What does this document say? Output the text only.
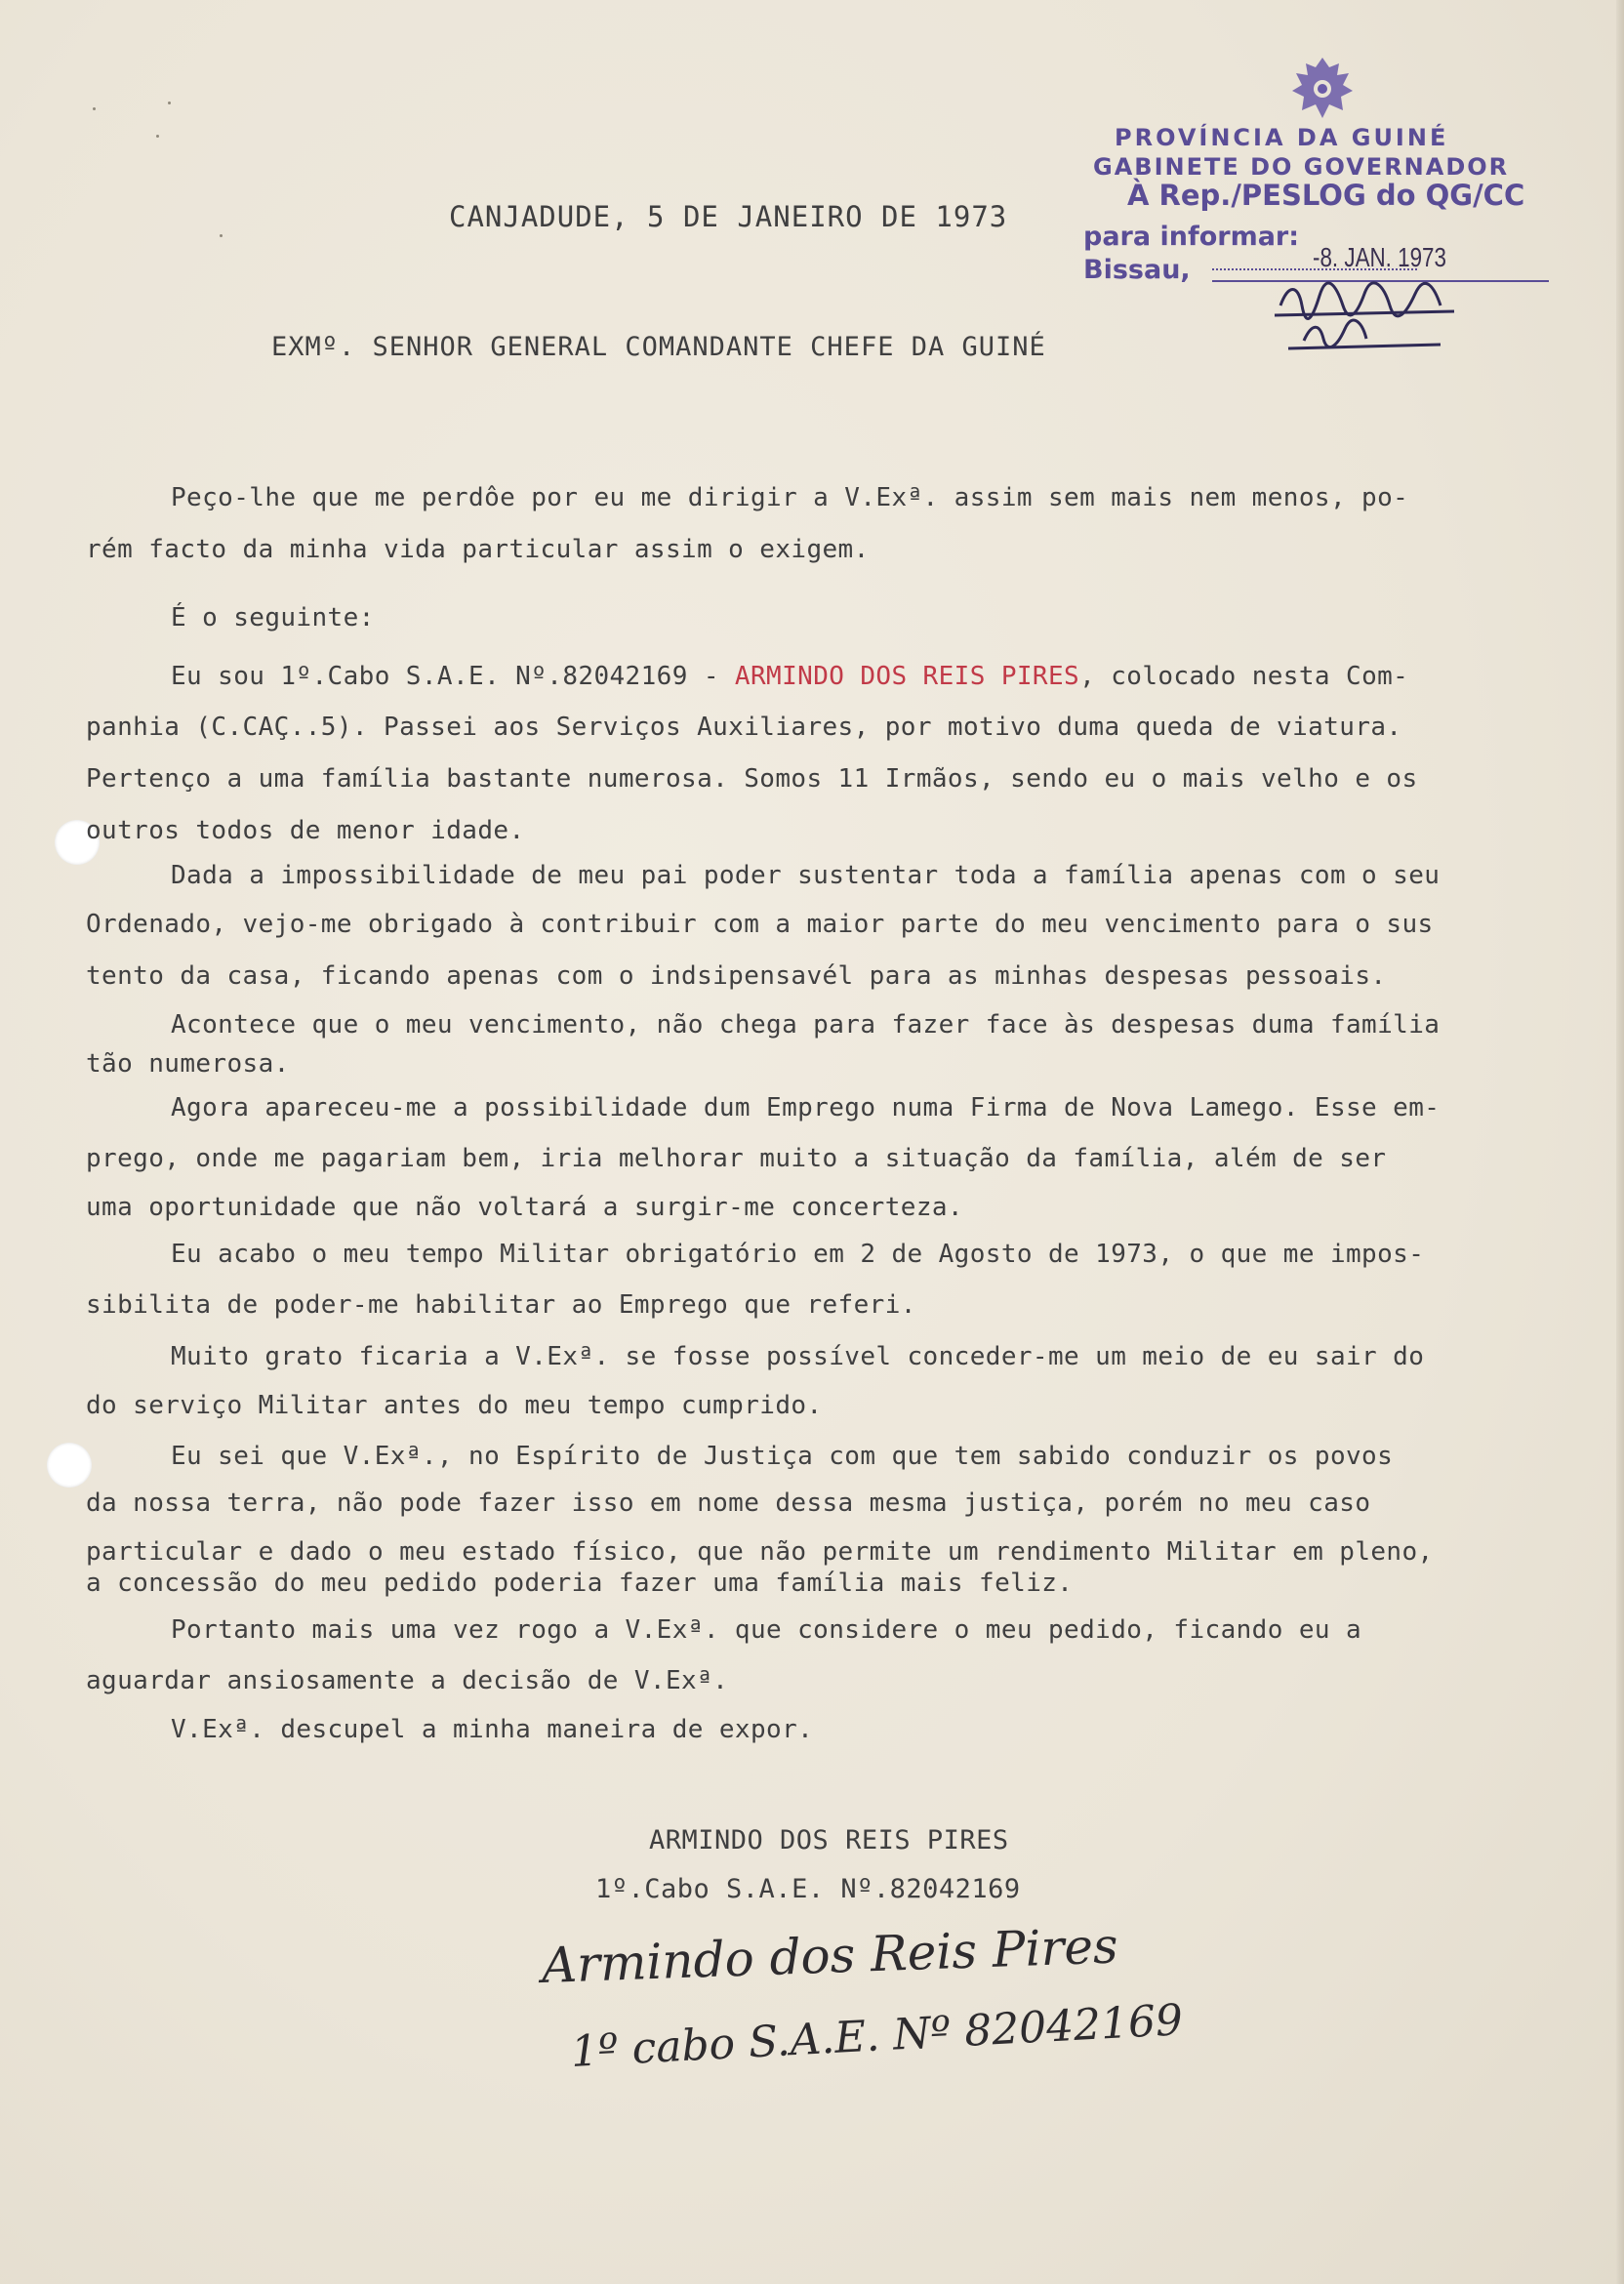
CANJADUDE, 5 DE JANEIRO DE 1973
EXMº. SENHOR GENERAL COMANDANTE CHEFE DA GUINÉ
PROVÍNCIA DA GUINÉ
GABINETE DO GOVERNADOR
À Rep./PESLOG do QG/CC
para informar:
Bissau,	-8. JAN. 1973
Peço-lhe que me perdôe por eu me dirigir a V.Exª. assim sem mais nem menos, po-
rém facto da minha vida particular assim o exigem.
É o seguinte:
Eu sou 1º.Cabo S.A.E. Nº.82042169 - ARMINDO DOS REIS PIRES, colocado nesta Com-
panhia (C.CAÇ..5). Passei aos Serviços Auxiliares, por motivo duma queda de viatura.
Pertenço a uma família bastante numerosa. Somos 11 Irmãos, sendo eu o mais velho e os
outros todos de menor idade.
Dada a impossibilidade de meu pai poder sustentar toda a família apenas com o seu
Ordenado, vejo-me obrigado à contribuir com a maior parte do meu vencimento para o sus
tento da casa, ficando apenas com o indsipensavél para as minhas despesas pessoais.
Acontece que o meu vencimento, não chega para fazer face às despesas duma família
tão numerosa.
Agora apareceu-me a possibilidade dum Emprego numa Firma de Nova Lamego. Esse em-
prego, onde me pagariam bem, iria melhorar muito a situação da família, além de ser
uma oportunidade que não voltará a surgir-me concerteza.
Eu acabo o meu tempo Militar obrigatório em 2 de Agosto de 1973, o que me impos-
sibilita de poder-me habilitar ao Emprego que referi.
Muito grato ficaria a V.Exª. se fosse possível conceder-me um meio de eu sair do
do serviço Militar antes do meu tempo cumprido.
Eu sei que V.Exª., no Espírito de Justiça com que tem sabido conduzir os povos
da nossa terra, não pode fazer isso em nome dessa mesma justiça, porém no meu caso
particular e dado o meu estado físico, que não permite um rendimento Militar em pleno,
a concessão do meu pedido poderia fazer uma família mais feliz.
Portanto mais uma vez rogo a V.Exª. que considere o meu pedido, ficando eu a
aguardar ansiosamente a decisão de V.Exª.
V.Exª. descupel a minha maneira de expor.
ARMINDO DOS REIS PIRES
1º.Cabo S.A.E. Nº.82042169
Armindo dos Reis Pires
1º cabo S.A.E. Nº 82042169
